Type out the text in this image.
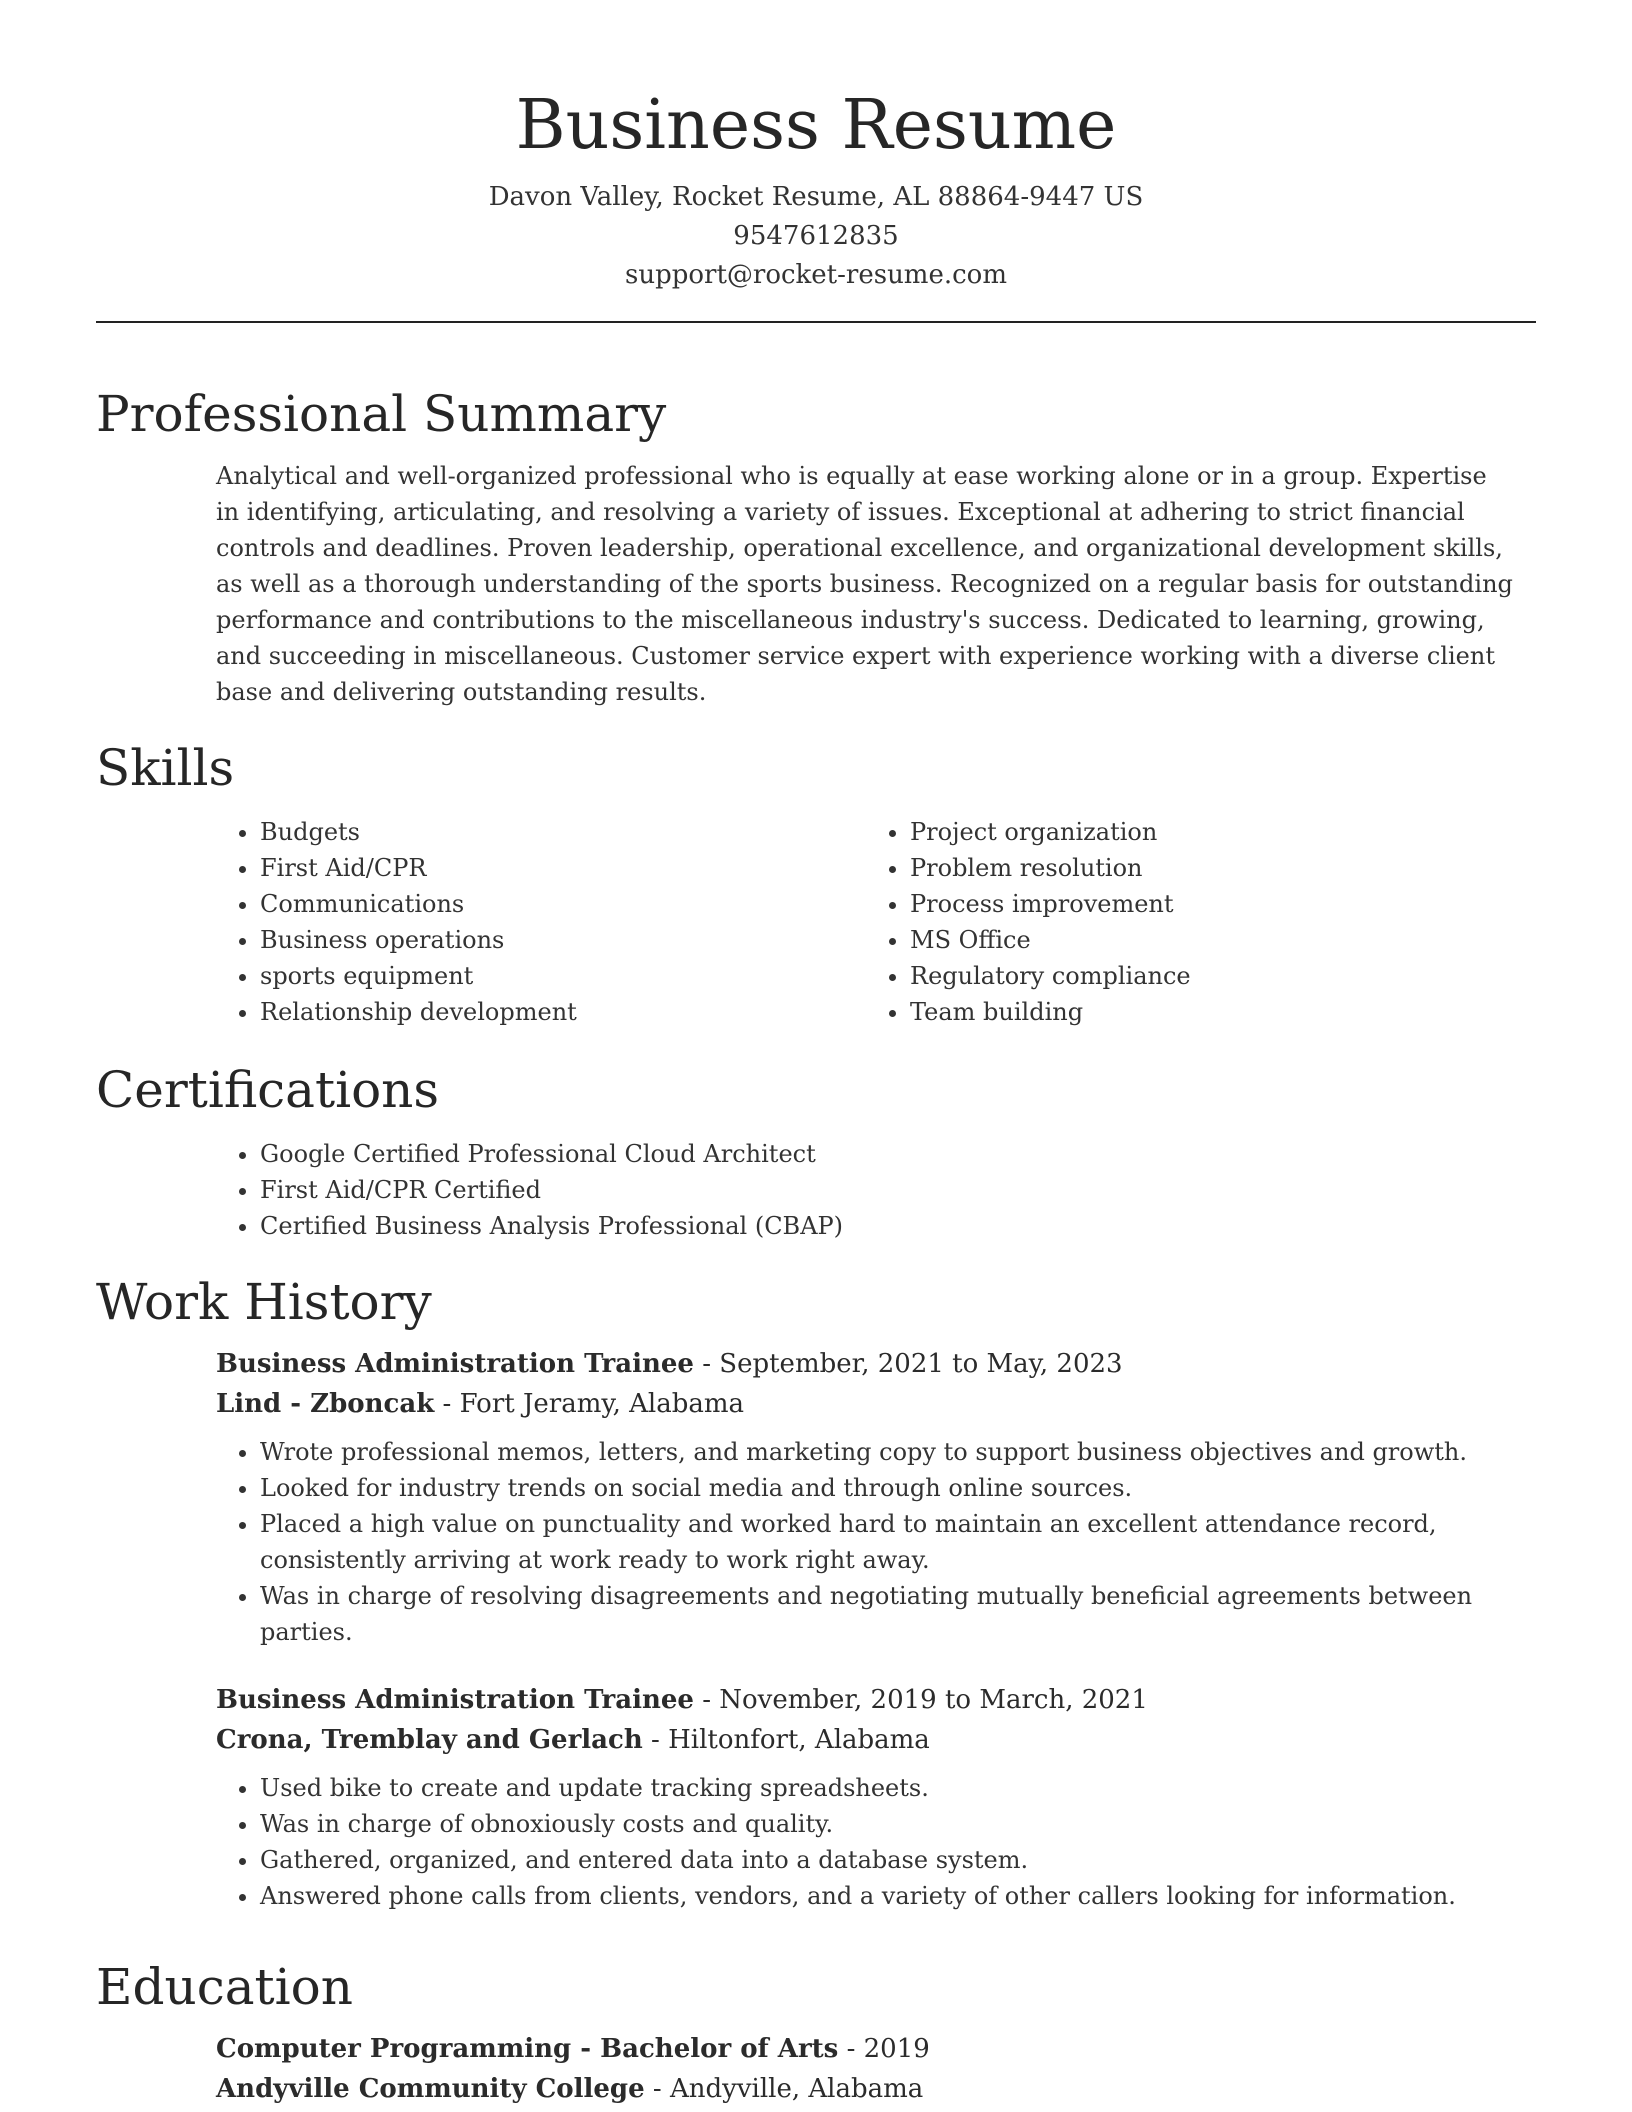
Business Resume
Davon Valley, Rocket Resume, AL 88864-9447 US
9547612835
support@rocket-resume.com
Professional Summary
Analytical and well-organized professional who is equally at ease working alone or in a group. Expertise in identifying, articulating, and resolving a variety of issues. Exceptional at adhering to strict financial controls and deadlines. Proven leadership, operational excellence, and organizational development skills, as well as a thorough understanding of the sports business. Recognized on a regular basis for outstanding performance and contributions to the miscellaneous industry's success. Dedicated to learning, growing, and succeeding in miscellaneous. Customer service expert with experience working with a diverse client base and delivering outstanding results.
Skills
• Budgets
• First Aid/CPR
• Communications
• Business operations
• sports equipment
• Relationship development
• Project organization
• Problem resolution
• Process improvement
• MS Office
• Regulatory compliance
• Team building
Certifications
• Google Certified Professional Cloud Architect
• First Aid/CPR Certified
• Certified Business Analysis Professional (CBAP)
Work History
Business Administration Trainee - September, 2021 to May, 2023
Lind - Zboncak - Fort Jeramy, Alabama
• Wrote professional memos, letters, and marketing copy to support business objectives and growth.
• Looked for industry trends on social media and through online sources.
• Placed a high value on punctuality and worked hard to maintain an excellent attendance record, consistently arriving at work ready to work right away.
• Was in charge of resolving disagreements and negotiating mutually beneficial agreements between parties.
Business Administration Trainee - November, 2019 to March, 2021
Crona, Tremblay and Gerlach - Hiltonfort, Alabama
• Used bike to create and update tracking spreadsheets.
• Was in charge of obnoxiously costs and quality.
• Gathered, organized, and entered data into a database system.
• Answered phone calls from clients, vendors, and a variety of other callers looking for information.
Education
Computer Programming - Bachelor of Arts - 2019
Andyville Community College - Andyville, Alabama
